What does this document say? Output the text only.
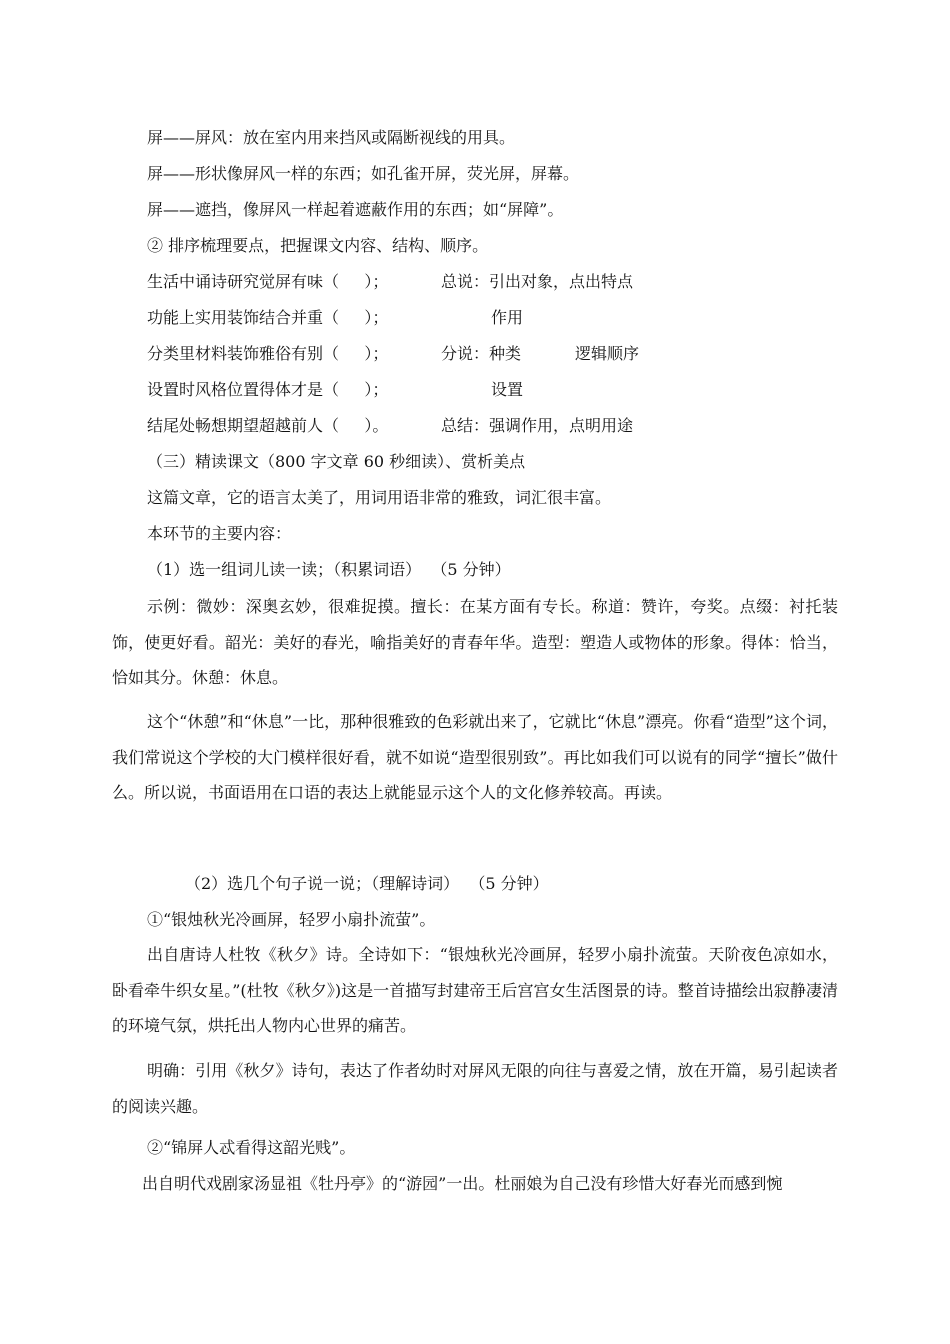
屏——屏风：放在室内用来挡风或隔断视线的用具。

屏——形状像屏风一样的东西；如孔雀开屏，荧光屏，屏幕。

屏——遮挡，像屏风一样起着遮蔽作用的东西；如“屏障”。

② 排序梳理要点，把握课文内容、结构、顺序。

生活中诵诗研究觉屏有味（     ）；	总说：引出对象，点出特点
功能上实用装饰结合并重（     ）；	作用
分类里材料装饰雅俗有别（     ）；	分说：种类	逻辑顺序
设置时风格位置得体才是（     ）；	设置
结尾处畅想期望超越前人（     ）。	总结：强调作用，点明用途

（三）精读课文（800 字文章 60 秒细读）、赏析美点

这篇文章，它的语言太美了，用词用语非常的雅致，词汇很丰富。

本环节的主要内容：

（1）选一组词儿读一读；（积累词语）  （5 分钟）

示例：微妙：深奥玄妙，很难捉摸。擅长：在某方面有专长。称道：赞许，夸奖。点缀：衬托装饰，使更好看。韶光：美好的春光，喻指美好的青春年华。造型：塑造人或物体的形象。得体：恰当，恰如其分。休憩：休息。

这个“休憩”和“休息”一比，那种很雅致的色彩就出来了，它就比“休息”漂亮。你看“造型”这个词，我们常说这个学校的大门模样很好看，就不如说“造型很别致”。再比如我们可以说有的同学“擅长”做什么。所以说，书面语用在口语的表达上就能显示这个人的文化修养较高。再读。

（2）选几个句子说一说；（理解诗词）  （5 分钟）

①“银烛秋光冷画屏，轻罗小扇扑流萤”。

出自唐诗人杜牧《秋夕》诗。全诗如下：“银烛秋光冷画屏，轻罗小扇扑流萤。天阶夜色凉如水，卧看牵牛织女星。”(杜牧《秋夕》)这是一首描写封建帝王后宫宫女生活图景的诗。整首诗描绘出寂静凄清的环境气氛，烘托出人物内心世界的痛苦。

明确：引用《秋夕》诗句，表达了作者幼时对屏风无限的向往与喜爱之情，放在开篇，易引起读者的阅读兴趣。

②“锦屏人忒看得这韶光贱”。

出自明代戏剧家汤显祖《牡丹亭》的“游园”一出。杜丽娘为自己没有珍惜大好春光而感到惋
